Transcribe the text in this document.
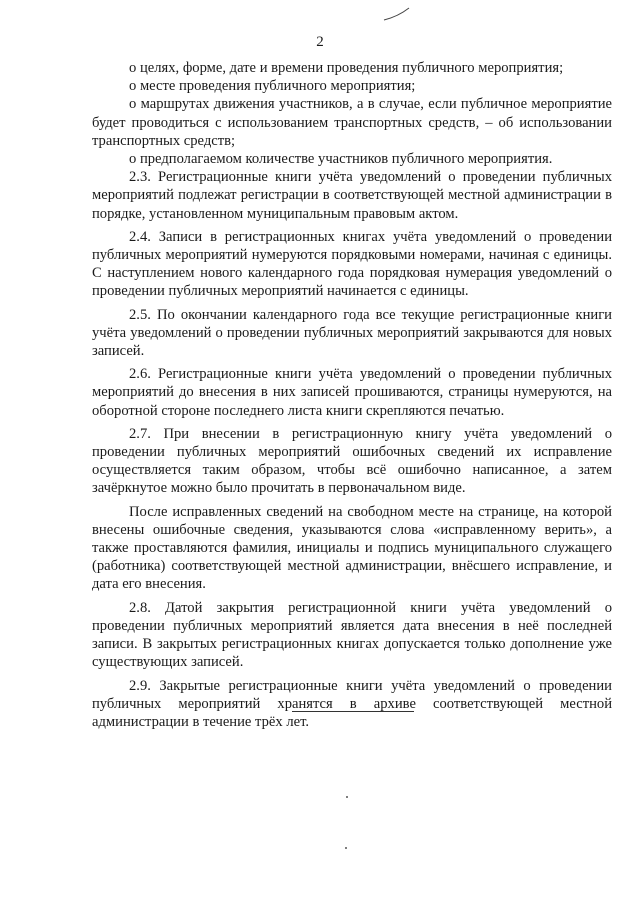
2

о целях, форме, дате и времени проведения публичного мероприятия;

о месте проведения публичного мероприятия;

о маршрутах движения участников, а в случае, если публичное мероприятие будет проводиться с использованием транспортных средств, – об использовании транспортных средств;

о предполагаемом количестве участников публичного мероприятия.

2.3. Регистрационные книги учёта уведомлений о проведении публичных мероприятий подлежат регистрации в соответствующей местной администрации в порядке, установленном муниципальным правовым актом.

2.4. Записи в регистрационных книгах учёта уведомлений о проведении публичных мероприятий нумеруются порядковыми номерами, начиная с единицы. С наступлением нового календарного года порядковая нумерация уведомлений о проведении публичных мероприятий начинается с единицы.

2.5. По окончании календарного года все текущие регистрационные книги учёта уведомлений о проведении публичных мероприятий закрываются для новых записей.

2.6. Регистрационные книги учёта уведомлений о проведении публичных мероприятий до внесения в них записей прошиваются, страницы нумеруются, на оборотной стороне последнего листа книги скрепляются печатью.

2.7. При внесении в регистрационную книгу учёта уведомлений о проведении публичных мероприятий ошибочных сведений их исправление осуществляется таким образом, чтобы всё ошибочно написанное, а затем зачёркнутое можно было прочитать в первоначальном виде.

После исправленных сведений на свободном месте на странице, на которой внесены ошибочные сведения, указываются слова «исправленному верить», а также проставляются фамилия, инициалы и подпись муниципального служащего (работника) соответствующей местной администрации, внёсшего исправление, и дата его внесения.

2.8. Датой закрытия регистрационной книги учёта уведомлений о проведении публичных мероприятий является дата внесения в неё последней записи. В закрытых регистрационных книгах допускается только дополнение уже существующих записей.

2.9. Закрытые регистрационные книги учёта уведомлений о проведении публичных мероприятий хранятся в архиве соответствующей местной администрации в течение трёх лет.
